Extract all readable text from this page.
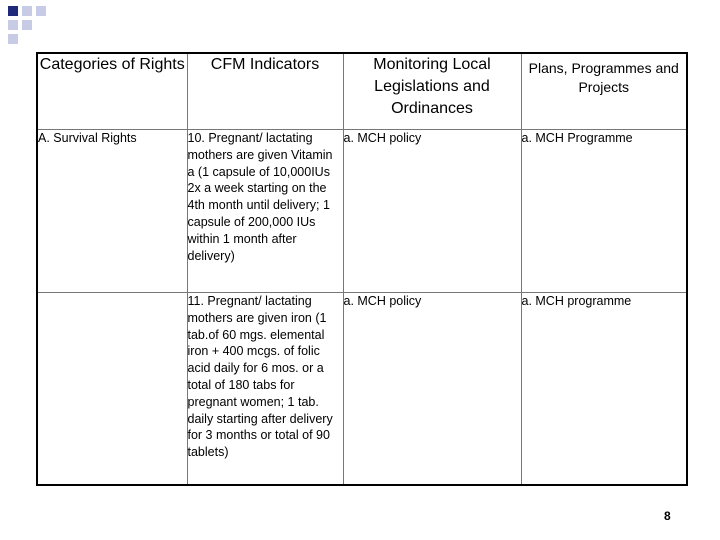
Categories of Rights	CFM Indicators	Monitoring Local Legislations and Ordinances	Plans, Programmes and Projects
A. Survival Rights	10. Pregnant/ lactating mothers are given Vitamin a (1 capsule of 10,000IUs 2x a week starting on the 4th month until delivery; 1 capsule of 200,000 IUs within 1 month after delivery)	a. MCH policy	a. MCH Programme
	11. Pregnant/ lactating mothers are given iron (1 tab.of 60 mgs. elemental iron + 400 mcgs. of folic acid daily for 6 mos. or a total of 180 tabs for pregnant women; 1 tab. daily starting after delivery for 3 months or total of 90 tablets)	a. MCH policy	a. MCH programme
8
